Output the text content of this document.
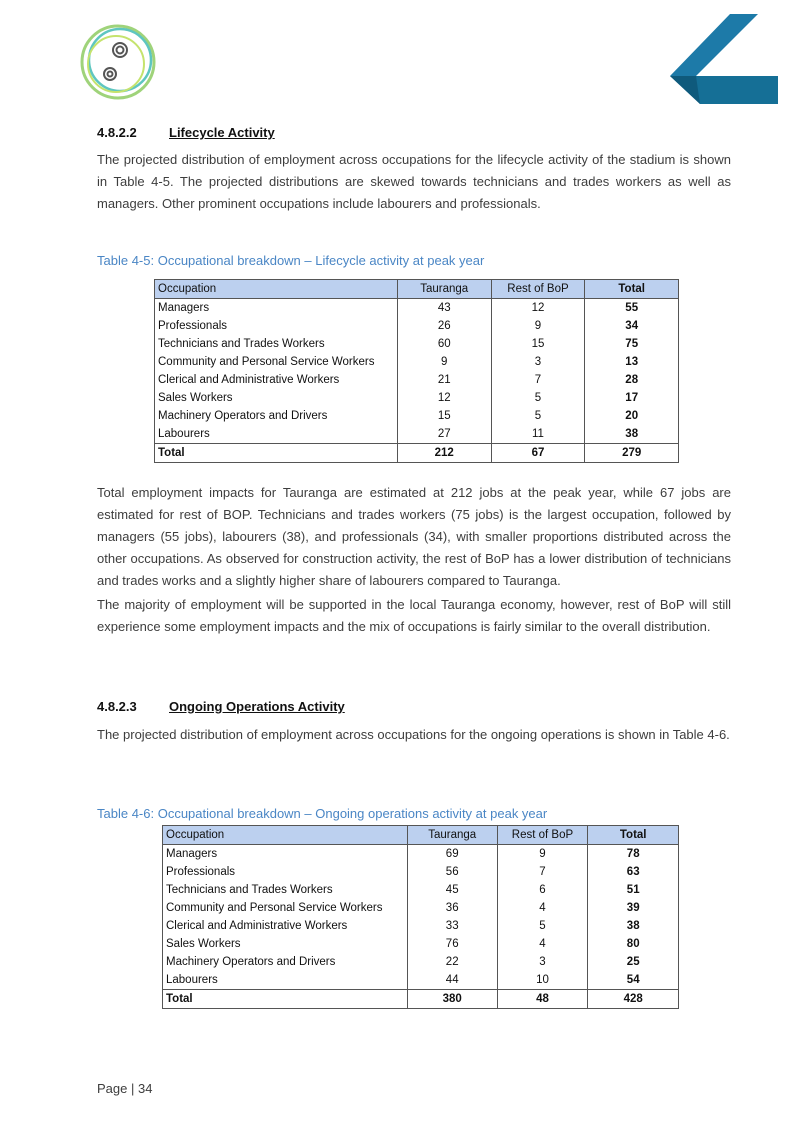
4.8.2.2 Lifecycle Activity

The projected distribution of employment across occupations for the lifecycle activity of the stadium is shown in Table 4-5. The projected distributions are skewed towards technicians and trades workers as well as managers. Other prominent occupations include labourers and professionals.

Table 4-5: Occupational breakdown – Lifecycle activity at peak year

Occupation	Tauranga	Rest of BoP	Total
Managers	43	12	55
Professionals	26	9	34
Technicians and Trades Workers	60	15	75
Community and Personal Service Workers	9	3	13
Clerical and Administrative Workers	21	7	28
Sales Workers	12	5	17
Machinery Operators and Drivers	15	5	20
Labourers	27	11	38
Total	212	67	279

Total employment impacts for Tauranga are estimated at 212 jobs at the peak year, while 67 jobs are estimated for rest of BOP. Technicians and trades workers (75 jobs) is the largest occupation, followed by managers (55 jobs), labourers (38), and professionals (34), with smaller proportions distributed across the other occupations. As observed for construction activity, the rest of BoP has a lower distribution of technicians and trades works and a slightly higher share of labourers compared to Tauranga.

The majority of employment will be supported in the local Tauranga economy, however, rest of BoP will still experience some employment impacts and the mix of occupations is fairly similar to the overall distribution.

4.8.2.3 Ongoing Operations Activity

The projected distribution of employment across occupations for the ongoing operations is shown in Table 4-6.

Table 4-6: Occupational breakdown – Ongoing operations activity at peak year

Occupation	Tauranga	Rest of BoP	Total
Managers	69	9	78
Professionals	56	7	63
Technicians and Trades Workers	45	6	51
Community and Personal Service Workers	36	4	39
Clerical and Administrative Workers	33	5	38
Sales Workers	76	4	80
Machinery Operators and Drivers	22	3	25
Labourers	44	10	54
Total	380	48	428

Page | 34
